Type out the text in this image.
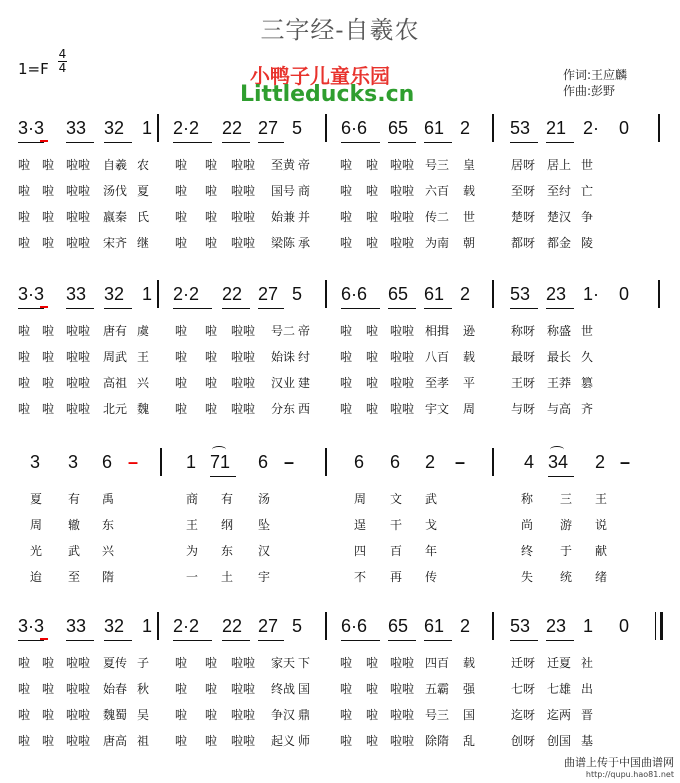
三字经-自羲农
1=F
4
4	小鸭子儿童乐园
Littleducks.cn
作词:王应麟
作曲:彭野
3·3 33 32 1 2·2 22 27 5 6·6 65 61 2 53 21 2· 0
啦 啦 啦啦 自羲 农 啦 啦 啦啦 至黄 帝 啦 啦 啦啦 号三 皇	居呀 居上 世
啦 啦 啦啦 汤伐 夏 啦 啦 啦啦 国号 商 啦 啦 啦啦 六百 载	至呀 至纣 亡
啦 啦 啦啦 嬴秦 氏 啦 啦 啦啦 始兼 并 啦 啦 啦啦 传二 世	楚呀 楚汉 争
啦 啦 啦啦 宋齐 继 啦 啦 啦啦 梁陈 承 啦 啦 啦啦 为南 朝	都呀 都金 陵
3·3 33 32 1 2·2 22 27 5 6·6 65 61 2 53 23 1· 0
啦 啦 啦啦 唐有 虞 啦 啦 啦啦 号二 帝 啦 啦 啦啦 相揖 逊	称呀 称盛 世
啦 啦 啦啦 周武 王 啦 啦 啦啦 始诛 纣 啦 啦 啦啦 八百 载	最呀 最长 久
啦 啦 啦啦 高祖 兴 啦 啦 啦啦 汉业 建 啦 啦 啦啦 至孝 平	王呀 王莽 篡
啦 啦 啦啦 北元 魏 啦 啦 啦啦 分东 西 啦 啦 啦啦 宇文 周	与呀 与高 齐
3 3 6 –	1 71 6 –	6 6 2 –	4 34 2 –
夏 有 禹	商 有 汤	周 文 武	称 三 王
周 辙 东	王 纲 坠	逞 干 戈	尚 游 说
光 武 兴	为 东 汉	四 百 年	终 于 献
迨 至 隋	一 土 宇	不 再 传	失 统 绪
3·3 33 32 1 2·2 22 27 5 6·6 65 61 2 53 23 1 0
啦 啦 啦啦 夏传 子 啦 啦 啦啦 家天 下 啦 啦 啦啦 四百 载	迁呀 迁夏 社
啦 啦 啦啦 始春 秋 啦 啦 啦啦 终战 国 啦 啦 啦啦 五霸 强	七呀 七雄 出
啦 啦 啦啦 魏蜀 吴 啦 啦 啦啦 争汉 鼎 啦 啦 啦啦 号三 国	迄呀 迄两 晋
啦 啦 啦啦 唐高 祖 啦 啦 啦啦 起义 师 啦 啦 啦啦 除隋 乱	创呀 创国 基
曲谱上传于中国曲谱网
http://qupu.hao81.net
